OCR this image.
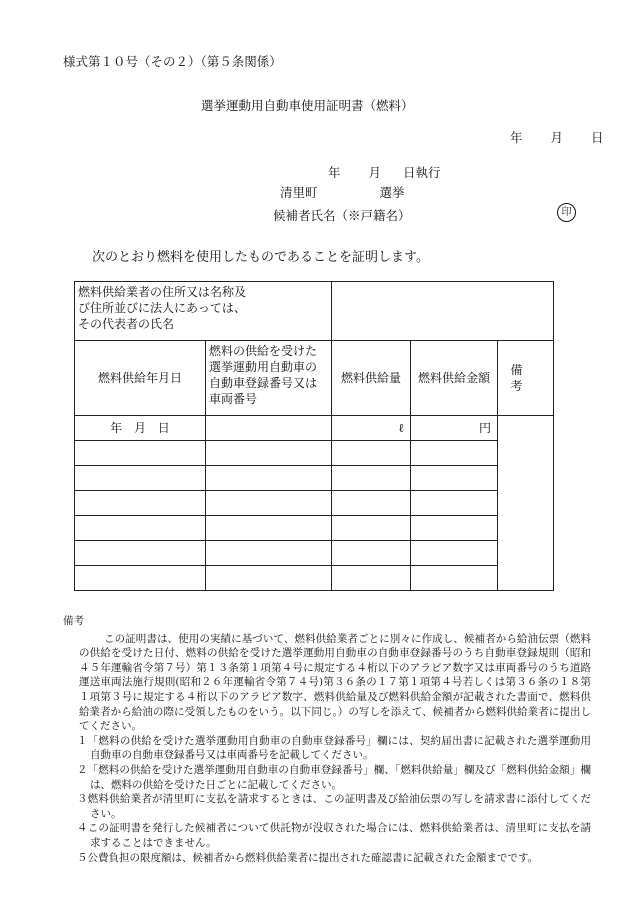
様式第１０号（その２）（第５条関係）
選挙運動用自動車使用証明書（燃料）
年 月 日
年 月 日執行
清里町	選挙
候補者氏名（※戸籍名）	印
次のとおり燃料を使用したものであることを証明します。
燃料供給業者の住所又は名称及び住所並びに法人にあっては、その代表者の氏名				

燃料供給年月日	燃料の供給を受けた選挙運動用自動車の自動車登録番号又は車両番号	燃料供給量	燃料供給金額	備考
年 月 日		ℓ	円	

備考

この証明書は、使用の実績に基づいて、燃料供給業者ごとに別々に作成し、候補者から給油伝票（燃料の供給を受けた日付、燃料の供給を受けた選挙運動用自動車の自動車登録番号のうち自動車登録規則（昭和４５年運輸省令第７号）第１３条第１項第４号に規定する４桁以下のアラビア数字又は車両番号のうち道路運送車両法施行規則(昭和２６年運輸省令第７４号)第３６条の１７第１項第４号若しくは第３６条の１８第１項第３号に規定する４桁以下のアラビア数字、燃料供給量及び燃料供給金額が記載された書面で、燃料供給業者から給油の際に受領したものをいう。以下同じ。）の写しを添えて、候補者から燃料供給業者に提出してください。

１「燃料の供給を受けた選挙運動用自動車の自動車登録番号」欄には、契約届出書に記載された選挙運動用自動車の自動車登録番号又は車両番号を記載してください。

２「燃料の供給を受けた選挙運動用自動車の自動車登録番号」欄、「燃料供給量」欄及び「燃料供給金額」欄は、燃料の供給を受けた日ごとに記載してください。

３燃料供給業者が清里町に支払を請求するときは、この証明書及び給油伝票の写しを請求書に添付してください。

４この証明書を発行した候補者について供託物が没収された場合には、燃料供給業者は、清里町に支払を請求することはできません。

５公費負担の限度額は、候補者から燃料供給業者に提出された確認書に記載された金額までです。
